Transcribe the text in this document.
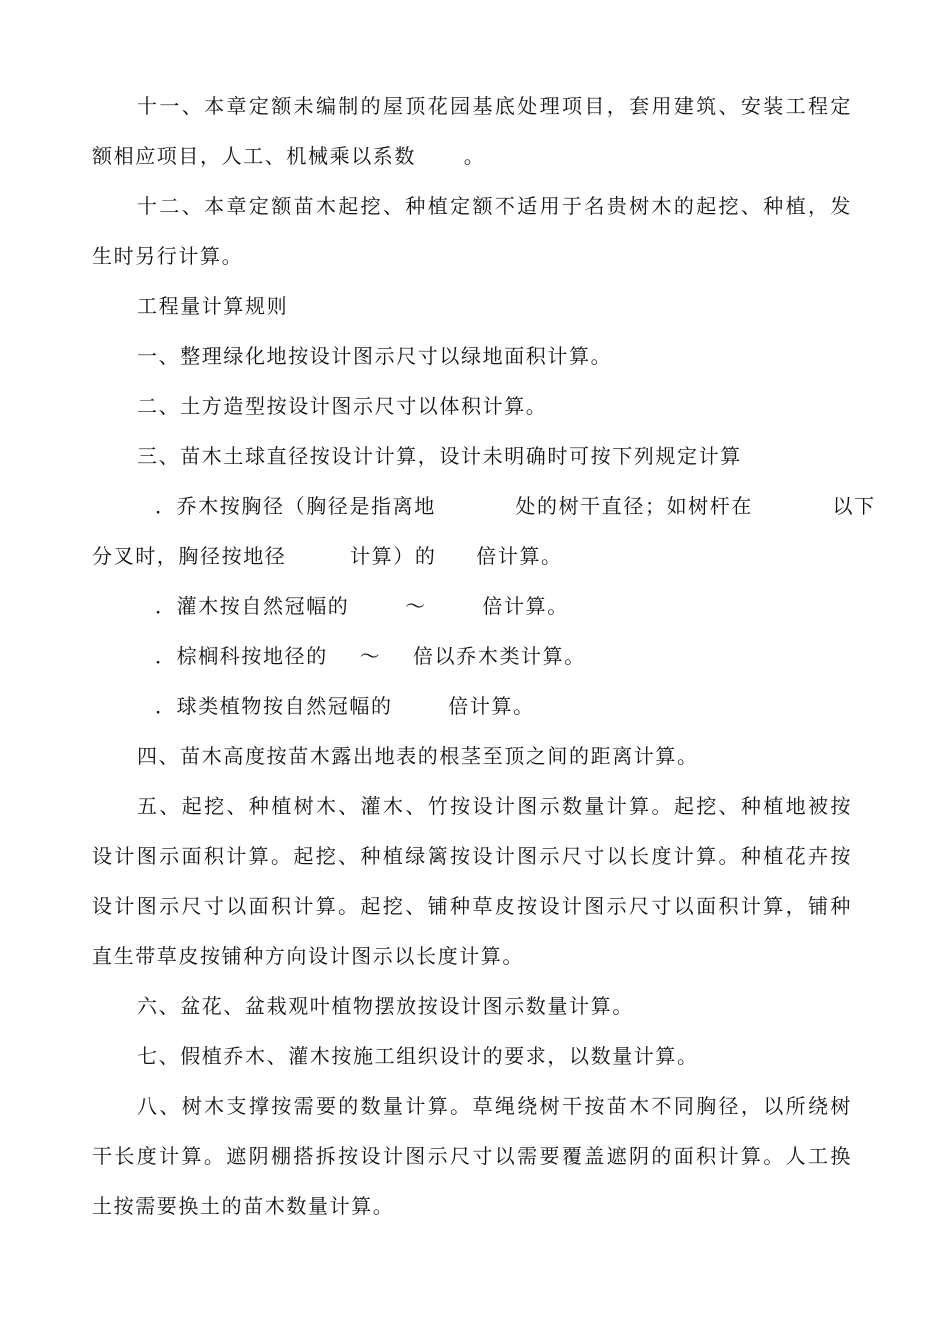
十一、本章定额未编制的屋顶花园基底处理项目，套用建筑、安装工程定
额相应项目，人工、机械乘以系数      。
十二、本章定额苗木起挖、种植定额不适用于名贵树木的起挖、种植，发
生时另行计算。
工程量计算规则
一、整理绿化地按设计图示尺寸以绿地面积计算。
二、土方造型按设计图示尺寸以体积计算。
三、苗木土球直径按设计计算，设计未明确时可按下列规定计算
．乔木按胸径（胸径是指离地          处的树干直径；如树杆在          以下
分叉时，胸径按地径        计算）的     倍计算。
．灌木按自然冠幅的       ～       倍计算。
．棕榈科按地径的    ～    倍以乔木类计算。
．球类植物按自然冠幅的       倍计算。
四、苗木高度按苗木露出地表的根茎至顶之间的距离计算。
五、起挖、种植树木、灌木、竹按设计图示数量计算。起挖、种植地被按
设计图示面积计算。起挖、种植绿篱按设计图示尺寸以长度计算。种植花卉按
设计图示尺寸以面积计算。起挖、铺种草皮按设计图示尺寸以面积计算，铺种
直生带草皮按铺种方向设计图示以长度计算。
六、盆花、盆栽观叶植物摆放按设计图示数量计算。
七、假植乔木、灌木按施工组织设计的要求，以数量计算。
八、树木支撑按需要的数量计算。草绳绕树干按苗木不同胸径，以所绕树
干长度计算。遮阴棚搭拆按设计图示尺寸以需要覆盖遮阴的面积计算。人工换
土按需要换土的苗木数量计算。
